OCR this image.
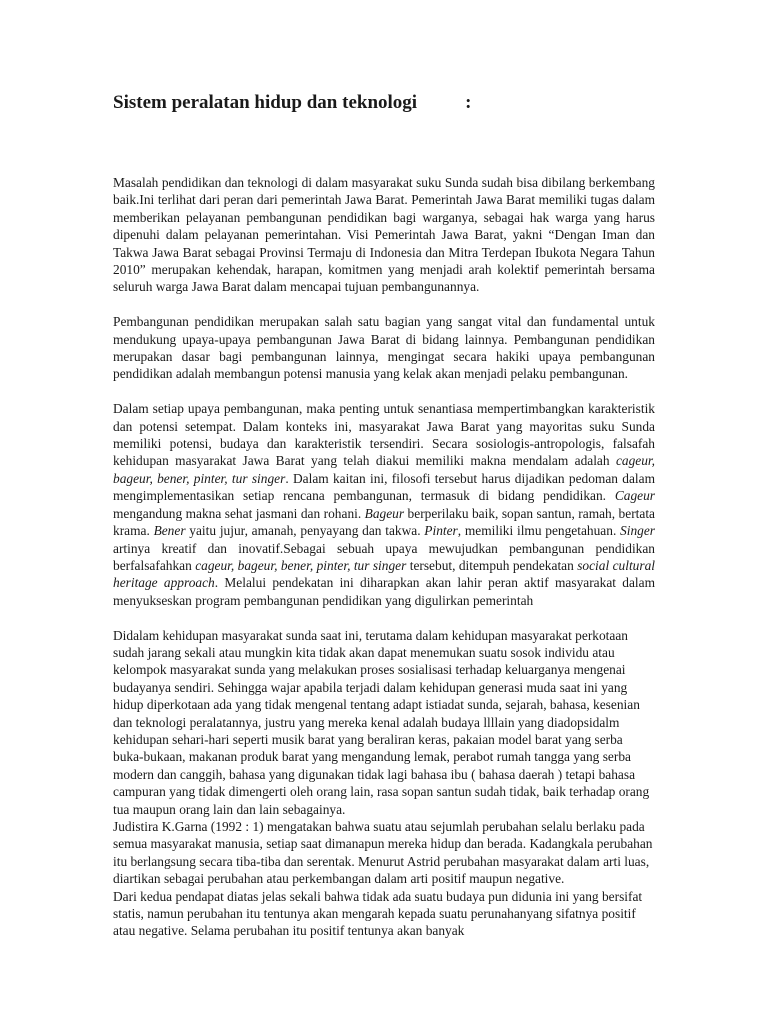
Sistem peralatan hidup dan teknologi	:

Masalah pendidikan dan teknologi di dalam masyarakat suku Sunda sudah bisa dibilang berkembang baik.Ini terlihat dari peran dari pemerintah Jawa Barat. Pemerintah Jawa Barat memiliki tugas dalam memberikan pelayanan pembangunan pendidikan bagi warganya, sebagai hak warga yang harus dipenuhi dalam pelayanan pemerintahan. Visi Pemerintah Jawa Barat, yakni “Dengan Iman dan Takwa Jawa Barat sebagai Provinsi Termaju di Indonesia dan Mitra Terdepan Ibukota Negara Tahun 2010” merupakan kehendak, harapan, komitmen yang menjadi arah kolektif pemerintah bersama seluruh warga Jawa Barat dalam mencapai tujuan pembangunannya.

Pembangunan pendidikan merupakan salah satu bagian yang sangat vital dan fundamental untuk mendukung upaya-upaya pembangunan Jawa Barat di bidang lainnya. Pembangunan pendidikan merupakan dasar bagi pembangunan lainnya, mengingat secara hakiki upaya pembangunan pendidikan adalah membangun potensi manusia yang kelak akan menjadi pelaku pembangunan.

Dalam setiap upaya pembangunan, maka penting untuk senantiasa mempertimbangkan karakteristik dan potensi setempat. Dalam konteks ini, masyarakat Jawa Barat yang mayoritas suku Sunda memiliki potensi, budaya dan karakteristik tersendiri. Secara sosiologis-antropologis, falsafah kehidupan masyarakat Jawa Barat yang telah diakui memiliki makna mendalam adalah cageur, bageur, bener, pinter, tur singer. Dalam kaitan ini, filosofi tersebut harus dijadikan pedoman dalam mengimplementasikan setiap rencana pembangunan, termasuk di bidang pendidikan. Cageur mengandung makna sehat jasmani dan rohani. Bageur berperilaku baik, sopan santun, ramah, bertata krama. Bener yaitu jujur, amanah, penyayang dan takwa. Pinter, memiliki ilmu pengetahuan. Singer artinya kreatif dan inovatif.Sebagai sebuah upaya mewujudkan pembangunan pendidikan berfalsafahkan cageur, bageur, bener, pinter, tur singer tersebut, ditempuh pendekatan social cultural heritage approach. Melalui pendekatan ini diharapkan akan lahir peran aktif masyarakat dalam menyukseskan program pembangunan pendidikan yang digulirkan pemerintah

Didalam kehidupan masyarakat sunda saat ini, terutama dalam kehidupan masyarakat perkotaan sudah jarang sekali atau mungkin kita tidak akan dapat menemukan suatu sosok individu atau kelompok masyarakat sunda yang melakukan proses sosialisasi terhadap keluarganya mengenai budayanya sendiri. Sehingga wajar apabila terjadi dalam kehidupan generasi muda saat ini yang hidup diperkotaan ada yang tidak mengenal tentang adapt istiadat sunda, sejarah, bahasa, kesenian dan teknologi peralatannya, justru yang mereka kenal adalah budaya llllain yang diadopsidalm kehidupan sehari-hari seperti musik barat yang beraliran keras, pakaian model barat yang serba buka-bukaan, makanan produk barat yang mengandung lemak, perabot rumah tangga yang serba modern dan canggih, bahasa yang digunakan tidak lagi bahasa ibu ( bahasa daerah ) tetapi bahasa campuran yang tidak dimengerti oleh orang lain, rasa sopan santun sudah tidak, baik terhadap orang tua maupun orang lain dan lain sebagainya.

Judistira K.Garna (1992 : 1) mengatakan bahwa suatu atau sejumlah perubahan selalu berlaku pada semua masyarakat manusia, setiap saat dimanapun mereka hidup dan berada. Kadangkala perubahan itu berlangsung secara tiba-tiba dan serentak. Menurut Astrid perubahan masyarakat dalam arti luas, diartikan sebagai perubahan atau perkembangan dalam arti positif maupun negative.

Dari kedua pendapat diatas jelas sekali bahwa tidak ada suatu budaya pun didunia ini yang bersifat statis, namun perubahan itu tentunya akan mengarah kepada suatu perunahanyang sifatnya positif atau negative. Selama perubahan itu positif tentunya akan banyak
